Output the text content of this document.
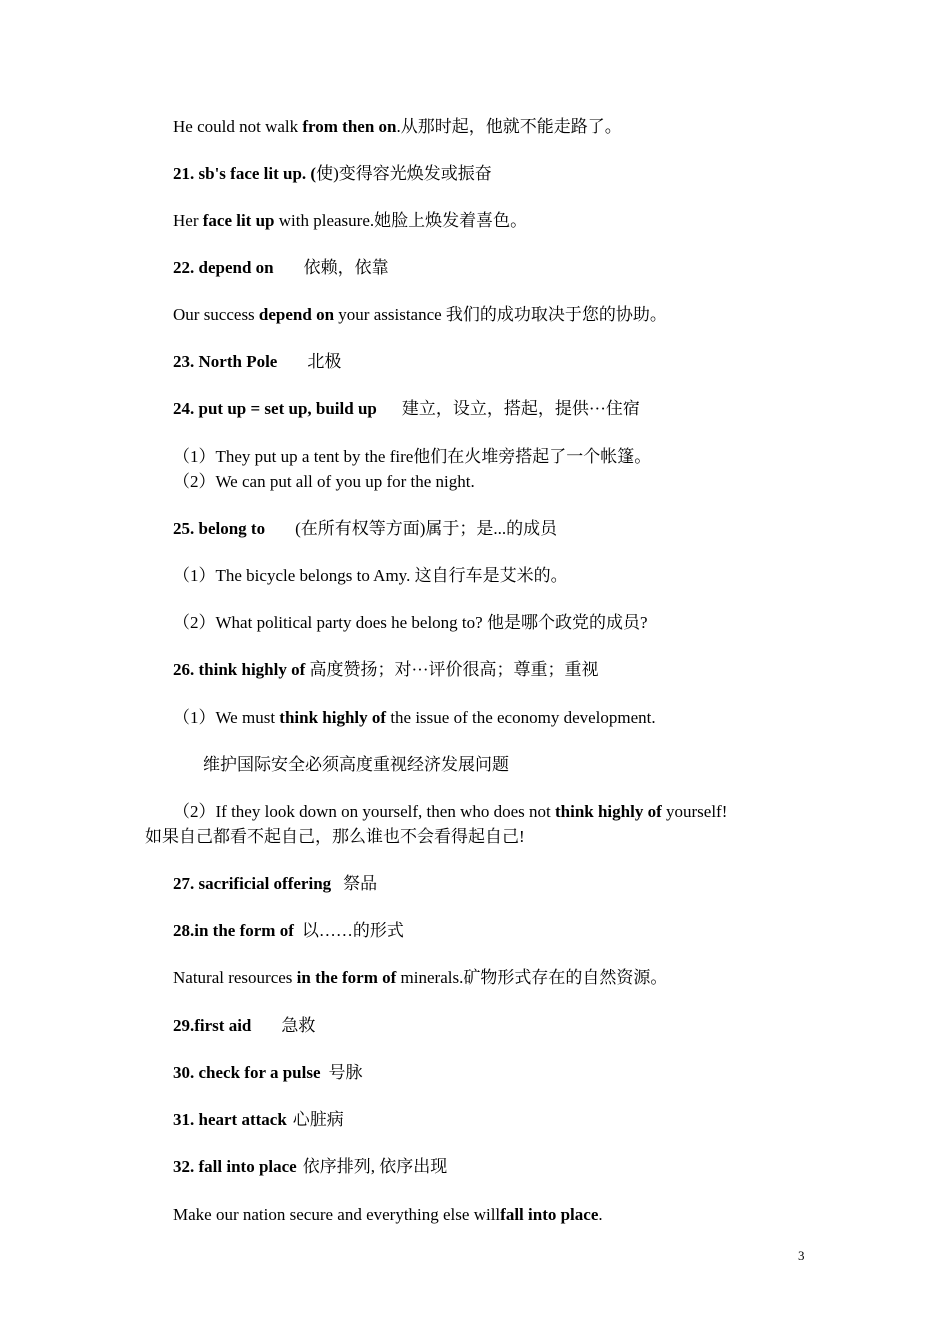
He could not walk from then on.从那时起，他就不能走路了。
21. sb's face lit up. (使)变得容光焕发或振奋
Her face lit up with pleasure.她脸上焕发着喜色。
22. depend on 依赖，依靠
Our success depend on your assistance 我们的成功取决于您的协助。
23. North Pole 北极
24. put up = set up, build up 建立，设立，搭起，提供···住宿
（1）They put up a tent by the fire他们在火堆旁搭起了一个帐篷。
（2）We can put all of you up for the night.
25. belong to (在所有权等方面)属于；是...的成员
（1）The bicycle belongs to Amy. 这自行车是艾米的。
（2）What political party does he belong to? 他是哪个政党的成员?
26. think highly of 高度赞扬；对···评价很高；尊重；重视
（1）We must think highly of the issue of the economy development.
维护国际安全必须高度重视经济发展问题
（2）If they look down on yourself, then who does not think highly of yourself!
如果自己都看不起自己，那么谁也不会看得起自己!
27. sacrificial offering 祭品
28.in the form of 以……的形式
Natural resources in the form of minerals.矿物形式存在的自然资源。
29.first aid 急救
30. check for a pulse 号脉
31. heart attack 心脏病
32. fall into place 依序排列, 依序出现
Make our nation secure and everything else willfall into place.
3
